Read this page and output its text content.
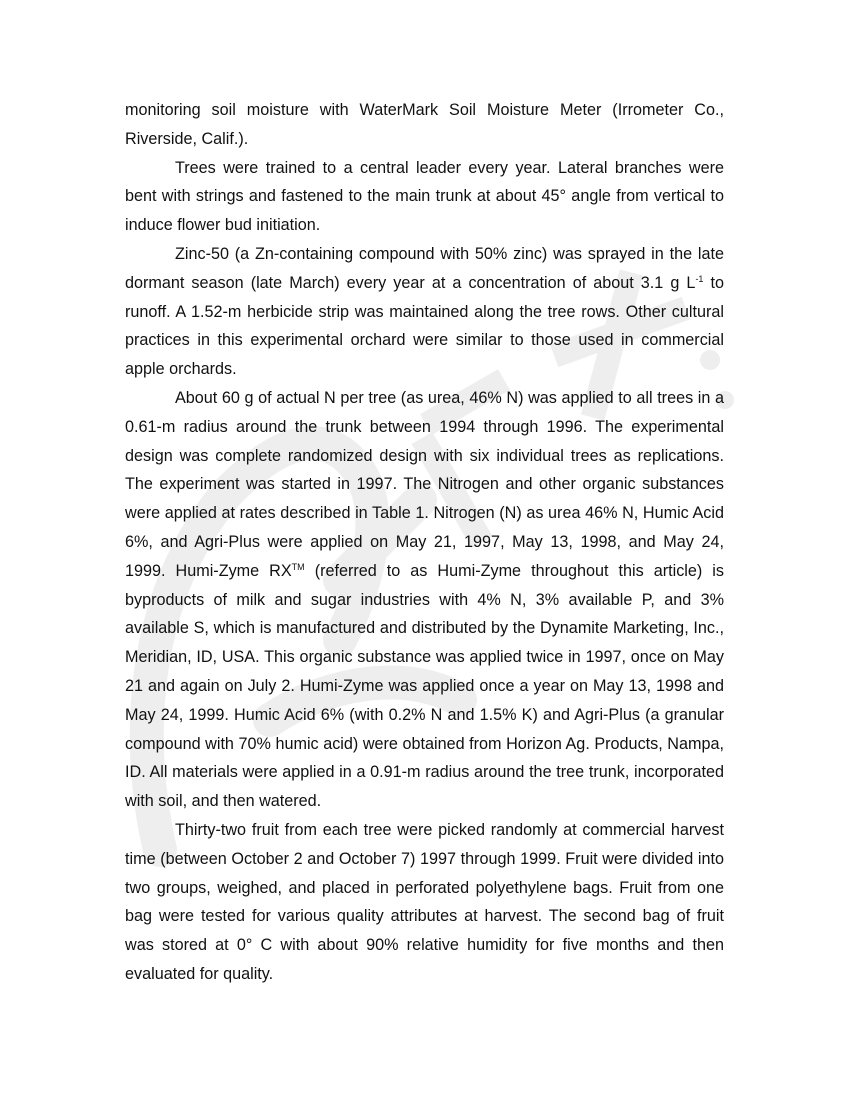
monitoring soil moisture with WaterMark Soil Moisture Meter (Irrometer Co., Riverside, Calif.).

Trees were trained to a central leader every year. Lateral branches were bent with strings and fastened to the main trunk at about 45° angle from vertical to induce flower bud initiation.

Zinc-50 (a Zn-containing compound with 50% zinc) was sprayed in the late dormant season (late March) every year at a concentration of about 3.1 g $L^{-1}$ to runoff. A 1.52-m herbicide strip was maintained along the tree rows. Other cultural practices in this experimental orchard were similar to those used in commercial apple orchards.

About 60 g of actual N per tree (as urea, 46% N) was applied to all trees in a 0.61-m radius around the trunk between 1994 through 1996. The experimental design was complete randomized design with six individual trees as replications. The experiment was started in 1997. The Nitrogen and other organic substances were applied at rates described in Table 1. Nitrogen (N) as urea 46% N, Humic Acid 6%, and Agri-Plus were applied on May 21, 1997, May 13, 1998, and May 24, 1999. Humi-Zyme RX™ (referred to as Humi-Zyme throughout this article) is byproducts of milk and sugar industries with 4% N, 3% available P, and 3% available S, which is manufactured and distributed by the Dynamite Marketing, Inc., Meridian, ID, USA. This organic substance was applied twice in 1997, once on May 21 and again on July 2. Humi-Zyme was applied once a year on May 13, 1998 and May 24, 1999. Humic Acid 6% (with 0.2% N and 1.5% K) and Agri-Plus (a granular compound with 70% humic acid) were obtained from Horizon Ag. Products, Nampa, ID. All materials were applied in a 0.91-m radius around the tree trunk, incorporated with soil, and then watered.

Thirty-two fruit from each tree were picked randomly at commercial harvest time (between October 2 and October 7) 1997 through 1999. Fruit were divided into two groups, weighed, and placed in perforated polyethylene bags. Fruit from one bag were tested for various quality attributes at harvest. The second bag of fruit was stored at 0° C with about 90% relative humidity for five months and then evaluated for quality.
